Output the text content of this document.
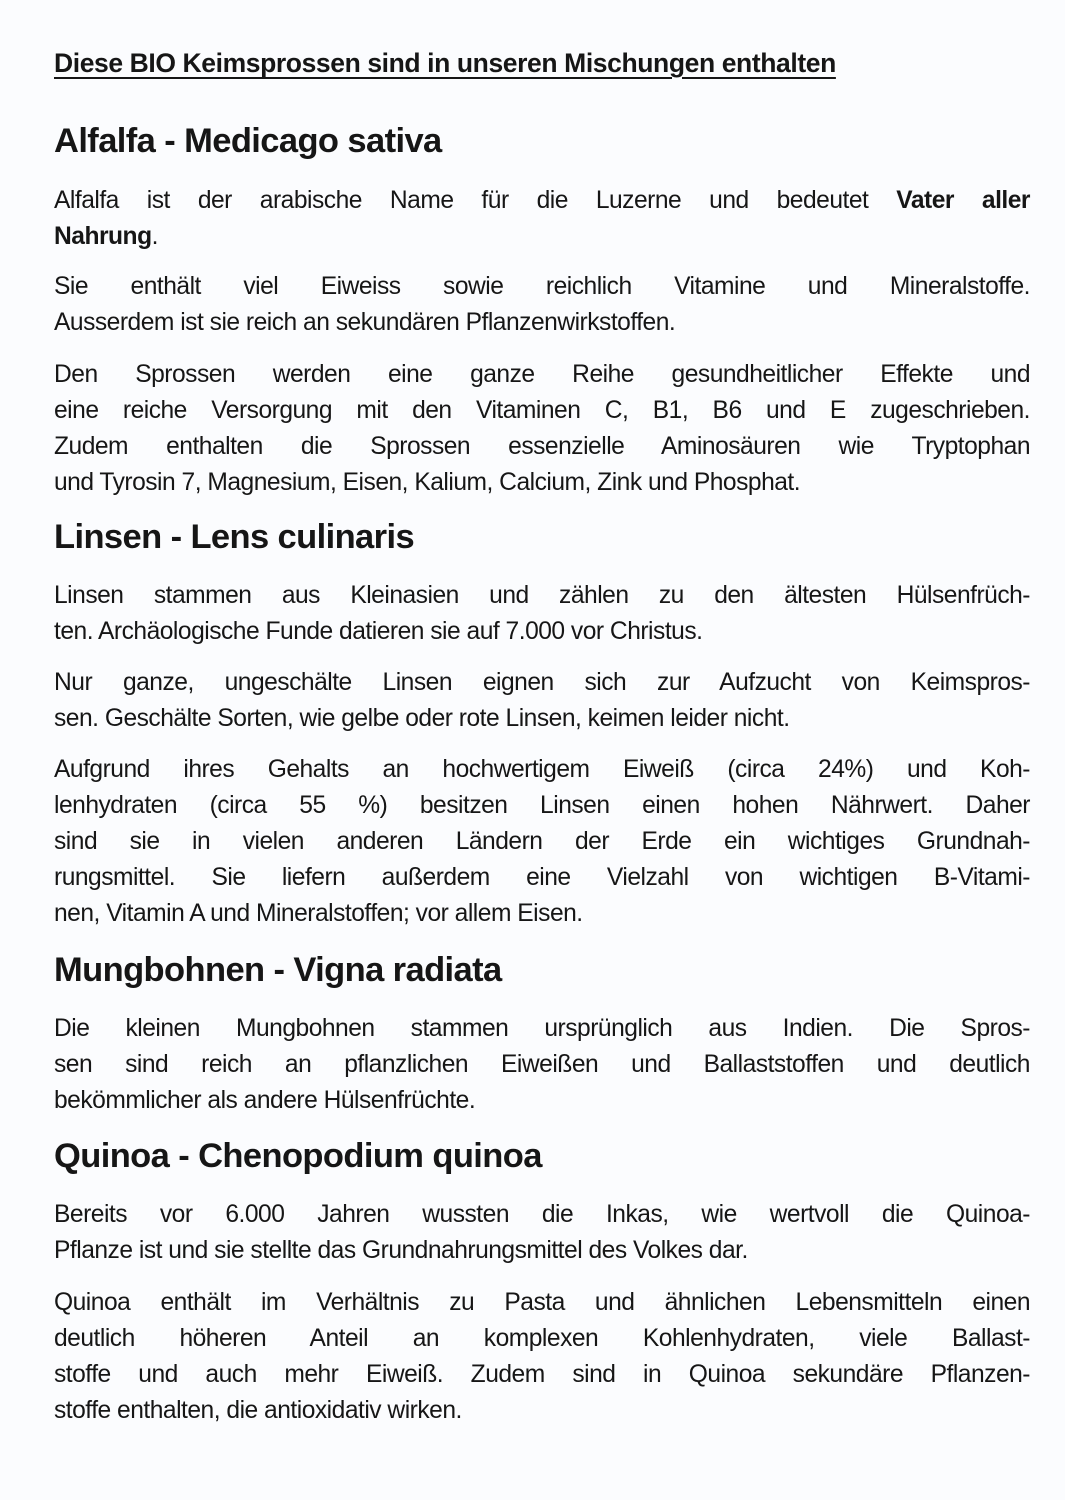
Diese BIO Keimsprossen sind in unseren Mischungen enthalten
Alfalfa - Medicago sativa

Alfalfa ist der arabische Name für die Luzerne und bedeutet Vater aller
Nahrung.

Sie enthält viel Eiweiss sowie reichlich Vitamine und Mineralstoffe.
Ausserdem ist sie reich an sekundären Pflanzenwirkstoffen.

Den Sprossen werden eine ganze Reihe gesundheitlicher Effekte und
eine reiche Versorgung mit den Vitaminen C, B1, B6 und E zugeschrieben.
Zudem enthalten die Sprossen essenzielle Aminosäuren wie Tryptophan
und Tyrosin 7, Magnesium, Eisen, Kalium, Calcium, Zink und Phosphat.

Linsen - Lens culinaris

Linsen stammen aus Kleinasien und zählen zu den ältesten Hülsenfrüch-
ten. Archäologische Funde datieren sie auf 7.000 vor Christus.

Nur ganze, ungeschälte Linsen eignen sich zur Aufzucht von Keimspros-
sen. Geschälte Sorten, wie gelbe oder rote Linsen, keimen leider nicht.

Aufgrund ihres Gehalts an hochwertigem Eiweiß (circa 24%) und Koh-
lenhydraten (circa 55 %) besitzen Linsen einen hohen Nährwert. Daher
sind sie in vielen anderen Ländern der Erde ein wichtiges Grundnah-
rungsmittel. Sie liefern außerdem eine Vielzahl von wichtigen B-Vitami-
nen, Vitamin A und Mineralstoffen; vor allem Eisen.

Mungbohnen - Vigna radiata

Die kleinen Mungbohnen stammen ursprünglich aus Indien. Die Spros-
sen sind reich an pflanzlichen Eiweißen und Ballaststoffen und deutlich
bekömmlicher als andere Hülsenfrüchte.

Quinoa - Chenopodium quinoa

Bereits vor 6.000 Jahren wussten die Inkas, wie wertvoll die Quinoa-
Pflanze ist und sie stellte das Grundnahrungsmittel des Volkes dar.

Quinoa enthält im Verhältnis zu Pasta und ähnlichen Lebensmitteln einen
deutlich höheren Anteil an komplexen Kohlenhydraten, viele Ballast-
stoffe und auch mehr Eiweiß. Zudem sind in Quinoa sekundäre Pflanzen-
stoffe enthalten, die antioxidativ wirken.
